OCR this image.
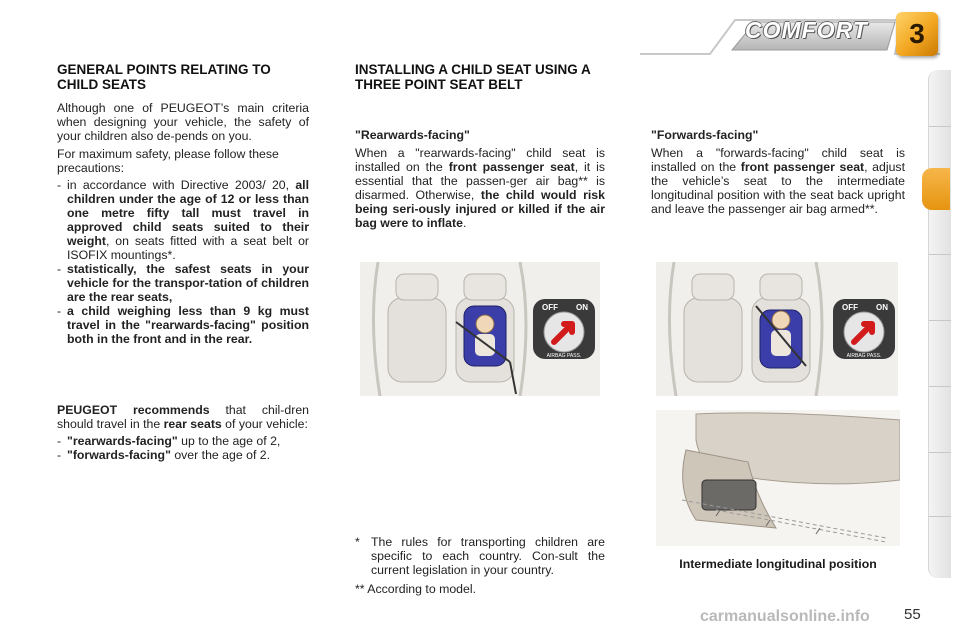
COMFORT	3
GENERAL POINTS RELATING TO CHILD SEATS

Although one of PEUGEOT’s main criteria when designing your vehicle, the safety of your children also de-pends on you.

For maximum safety, please follow these precautions:

- in accordance with Directive 2003/ 20, all children under the age of 12 or less than one metre fifty tall must travel in approved child seats suited to their weight, on seats fitted with a seat belt or ISOFIX mountings*.
- statistically, the safest seats in your vehicle for the transpor-tation of children are the rear seats,
- a child weighing less than 9 kg must travel in the "rearwards-facing" position both in the front and in the rear.

PEUGEOT recommends that chil-dren should travel in the rear seats of your vehicle:

- "rearwards-facing" up to the age of 2,
- "forwards-facing" over the age of 2.
INSTALLING A CHILD SEAT USING A THREE POINT SEAT BELT
"Rearwards-facing"

When a "rearwards-facing" child seat is installed on the front passenger seat, it is essential that the passen-ger air bag** is disarmed. Otherwise, the child would risk being seri-ously injured or killed if the air bag were to inflate.

"Forwards-facing"

When a "forwards-facing" child seat is installed on the front passenger seat, adjust the vehicle’s seat to the intermediate longitudinal position with the seat back upright and leave the passenger air bag armed**.

OFF ON
AIRBAG PASS.
OFF ON
AIRBAG PASS.
Intermediate longitudinal position
* The rules for transporting children are specific to each country. Con-sult the current legislation in your country.

** According to model.

carmanualsonline.info 55
